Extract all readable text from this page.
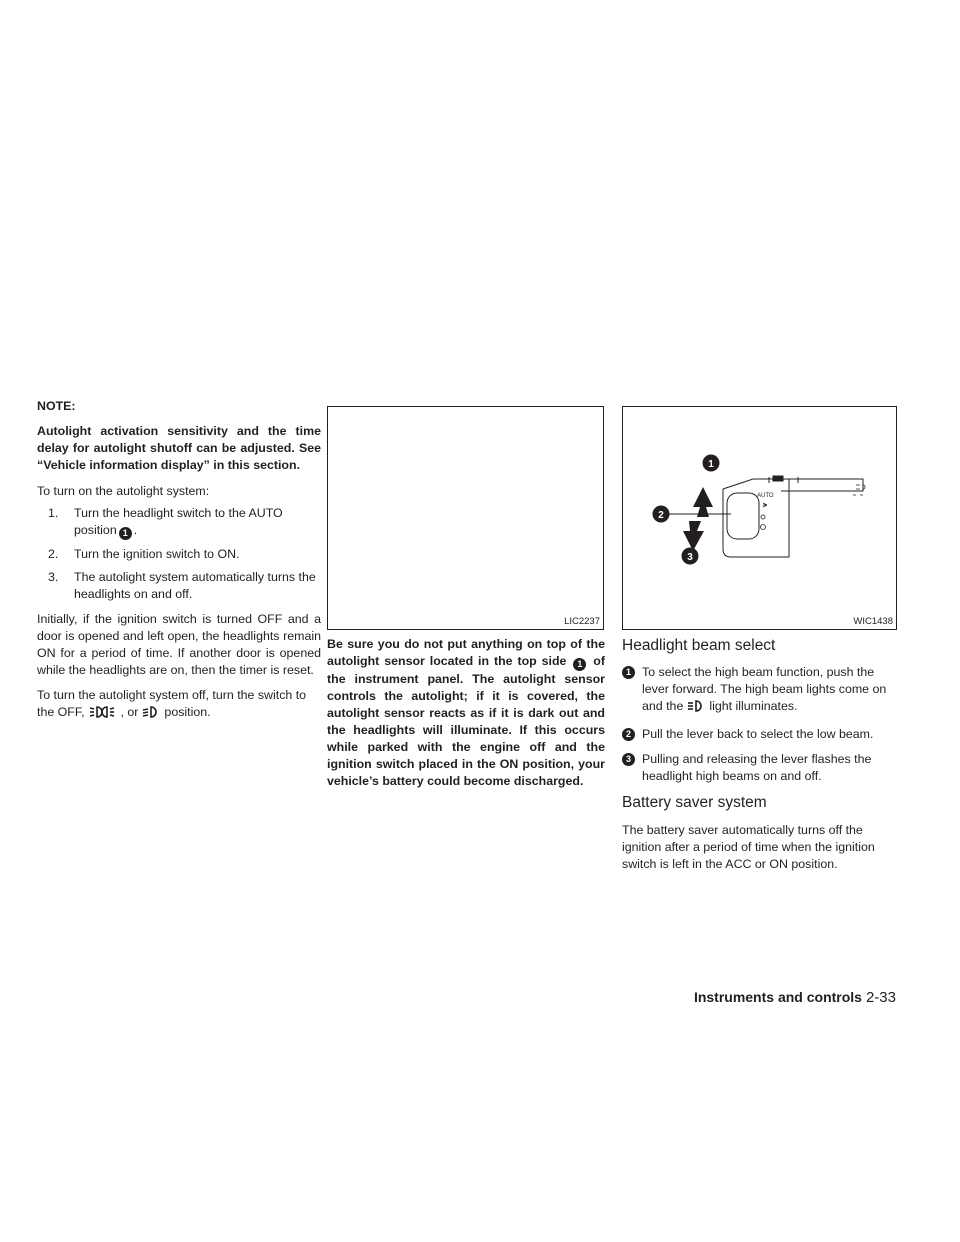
NOTE:

Autolight activation sensitivity and the time delay for autolight shutoff can be adjusted. See “Vehicle information display” in this section.

To turn on the autolight system:

1. Turn the headlight switch to the AUTO position 1 .
2. Turn the ignition switch to ON.
3. The autolight system automatically turns the headlights on and off.

Initially, if the ignition switch is turned OFF and a door is opened and left open, the headlights remain ON for a period of time. If another door is opened while the headlights are on, then the timer is reset.

To turn the autolight system off, turn the switch to the OFF,	, or position.

LIC2237
AUTO
1
2
3
WIC1438

Be sure you do not put anything on top of the autolight sensor located in the top side 1 of the instrument panel. The autolight sensor controls the autolight; if it is covered, the autolight sensor reacts as if it is dark out and the headlights will illuminate. If this occurs while parked with the engine off and the ignition switch placed in the ON position, your vehicle’s battery could become discharged.

Headlight beam select
1 To select the high beam function, push the lever forward. The high beam lights come on and the light illuminates.
2 Pull the lever back to select the low beam.
3 Pulling and releasing the lever flashes the headlight high beams on and off.
Battery saver system

The battery saver automatically turns off the ignition after a period of time when the ignition switch is left in the ACC or ON position.

Instruments and controls 2-33
